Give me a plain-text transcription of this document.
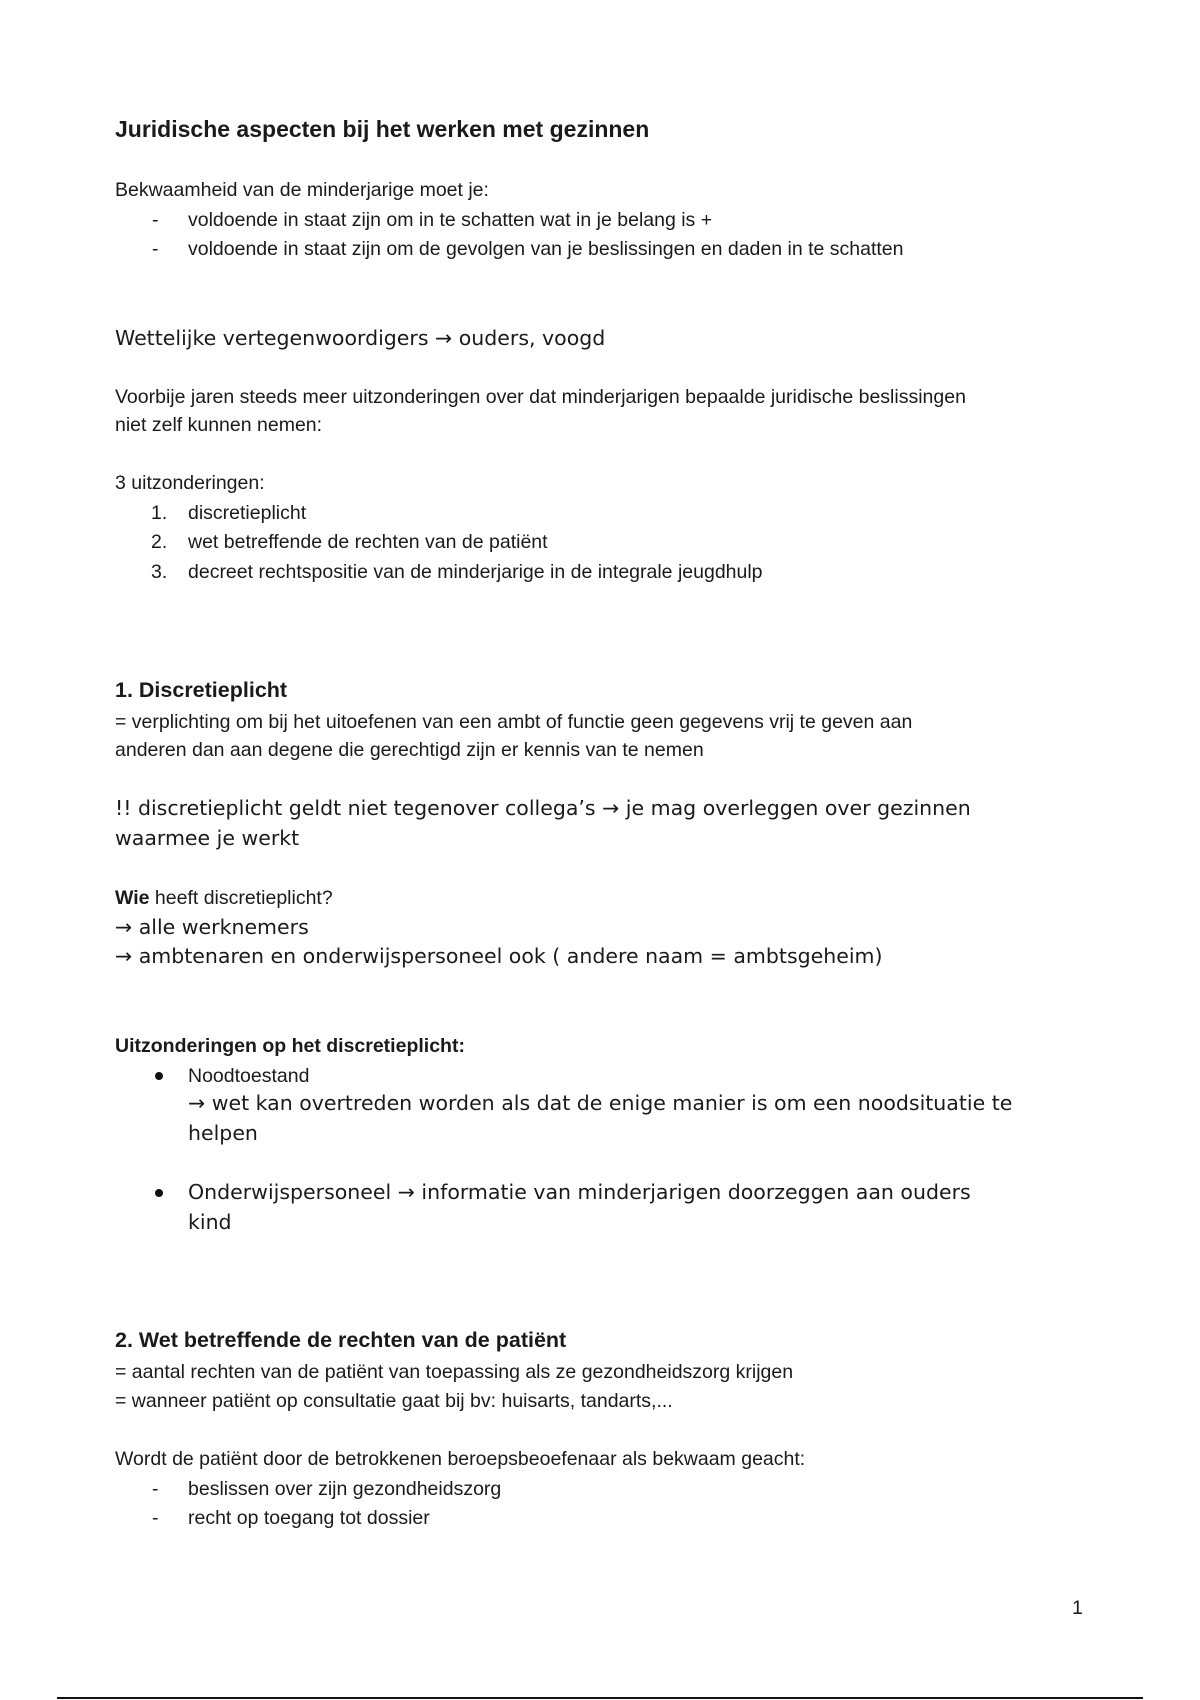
Juridische aspecten bij het werken met gezinnen
Bekwaamheid van de minderjarige moet je:
- voldoende in staat zijn om in te schatten wat in je belang is +
- voldoende in staat zijn om de gevolgen van je beslissingen en daden in te schatten
Wettelijke vertegenwoordigers → ouders, voogd
Voorbije jaren steeds meer uitzonderingen over dat minderjarigen bepaalde juridische beslissingen
niet zelf kunnen nemen:
3 uitzonderingen:
1. discretieplicht
2. wet betreffende de rechten van de patiënt
3. decreet rechtspositie van de minderjarige in de integrale jeugdhulp
1. Discretieplicht
= verplichting om bij het uitoefenen van een ambt of functie geen gegevens vrij te geven aan
anderen dan aan degene die gerechtigd zijn er kennis van te nemen
!! discretieplicht geldt niet tegenover collega’s → je mag overleggen over gezinnen
waarmee je werkt
Wie heeft discretieplicht?
→ alle werknemers
→ ambtenaren en onderwijspersoneel ook ( andere naam = ambtsgeheim)
Uitzonderingen op het discretieplicht:
Noodtoestand
→ wet kan overtreden worden als dat de enige manier is om een noodsituatie te
helpen
Onderwijspersoneel → informatie van minderjarigen doorzeggen aan ouders
kind
2. Wet betreffende de rechten van de patiënt
= aantal rechten van de patiënt van toepassing als ze gezondheidszorg krijgen
= wanneer patiënt op consultatie gaat bij bv: huisarts, tandarts,...
Wordt de patiënt door de betrokkenen beroepsbeoefenaar als bekwaam geacht:
- beslissen over zijn gezondheidszorg
- recht op toegang tot dossier
1
